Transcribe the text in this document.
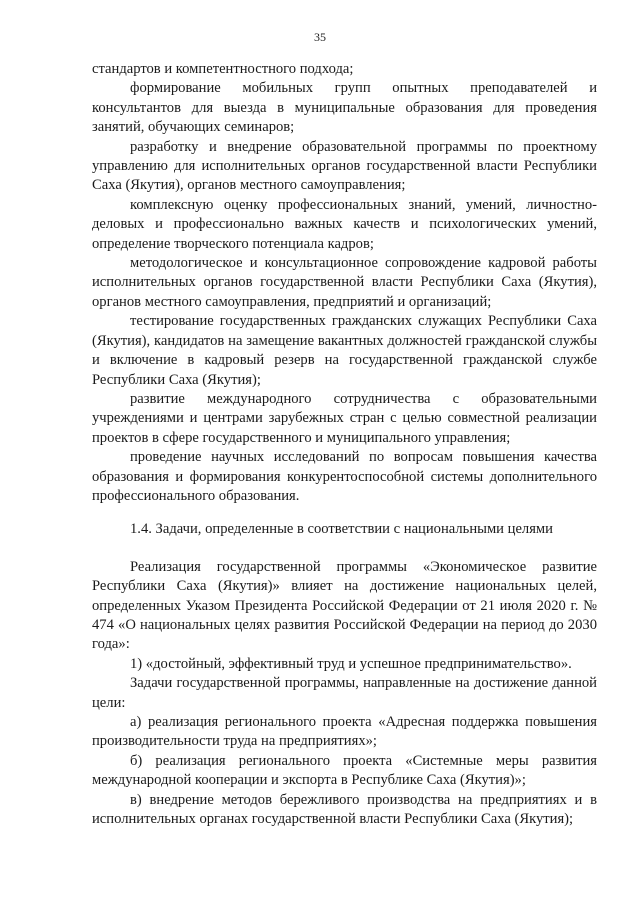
35

стандартов и компетентностного подхода;

формирование мобильных групп опытных преподавателей и консультантов для выезда в муниципальные образования для проведения занятий, обучающих семинаров;

разработку и внедрение образовательной программы по проектному управлению для исполнительных органов государственной власти Республики Саха (Якутия), органов местного самоуправления;

комплексную оценку профессиональных знаний, умений, личностно-деловых и профессионально важных качеств и психологических умений, определение творческого потенциала кадров;

методологическое и консультационное сопровождение кадровой работы исполнительных органов государственной власти Республики Саха (Якутия), органов местного самоуправления, предприятий и организаций;

тестирование государственных гражданских служащих Республики Саха (Якутия), кандидатов на замещение вакантных должностей гражданской службы и включение в кадровый резерв на государственной гражданской службе Республики Саха (Якутия);

развитие международного сотрудничества с образовательными учреждениями и центрами зарубежных стран с целью совместной реализации проектов в сфере государственного и муниципального управления;

проведение научных исследований по вопросам повышения качества образования и формирования конкурентоспособной системы дополнительного профессионального образования.

1.4. Задачи, определенные в соответствии с национальными целями

Реализация государственной программы «Экономическое развитие Республики Саха (Якутия)» влияет на достижение национальных целей, определенных Указом Президента Российской Федерации от 21 июля 2020 г. № 474 «О национальных целях развития Российской Федерации на период до 2030 года»:

1) «достойный, эффективный труд и успешное предпринимательство».

Задачи государственной программы, направленные на достижение данной цели:

а) реализация регионального проекта «Адресная поддержка повышения производительности труда на предприятиях»;

б) реализация регионального проекта «Системные меры развития международной кооперации и экспорта в Республике Саха (Якутия)»;

в) внедрение методов бережливого производства на предприятиях и в исполнительных органах государственной власти Республики Саха (Якутия);
